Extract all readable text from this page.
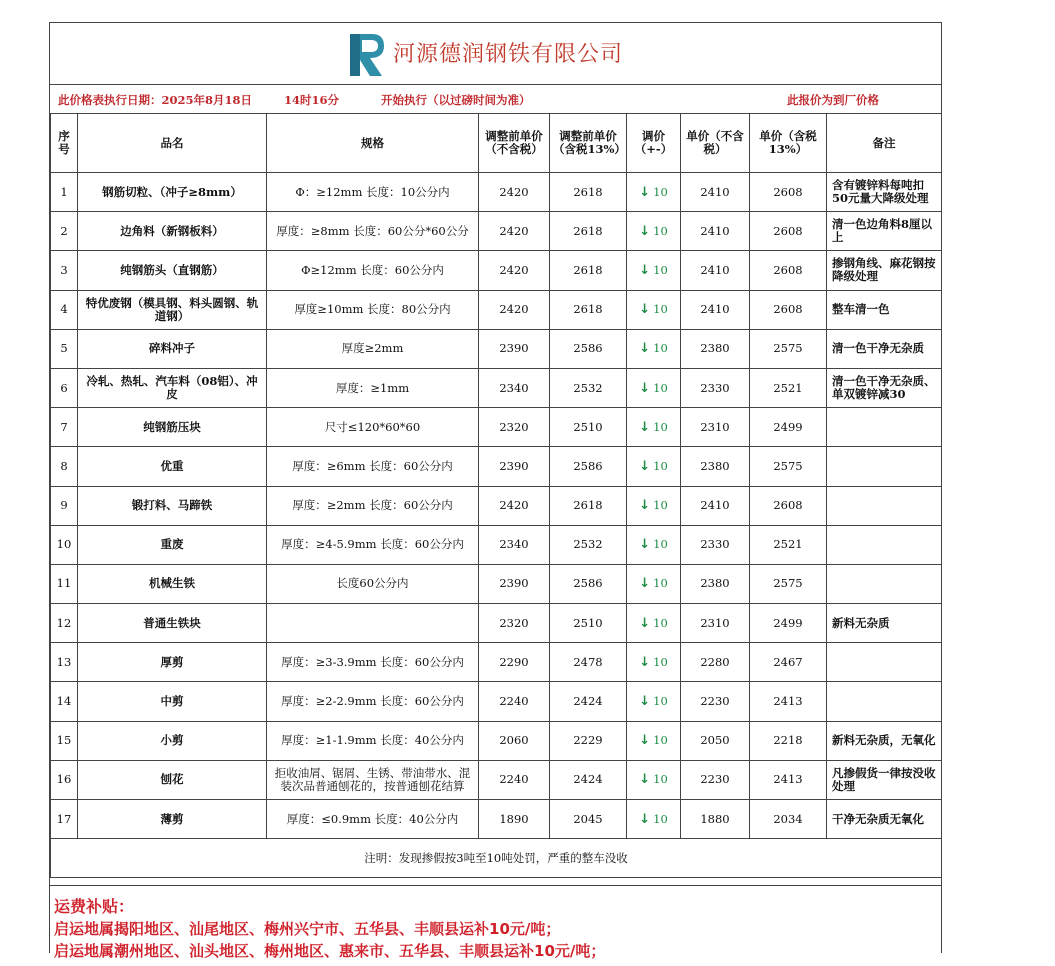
河源德润钢铁有限公司
此价格表执行日期：2025年8月18日	14时16分	开始执行（以过磅时间为准）	此报价为到厂价格
序号	品名	规格	调整前单价（不含税）	调整前单价（含税13%）	调价（+-）	单价（不含税）	单价（含税13%）	备注
1	钢筋切粒、（冲子≥8mm）	Φ：≥12mm 长度：10公分内	2420	2618	↓ 10	2410	2608	含有镀锌料每吨扣50元量大降级处理
2	边角料（新钢板料）	厚度：≥8mm 长度：60公分*60公分	2420	2618	↓ 10	2410	2608	清一色边角料8厘以上
3	纯钢筋头（直钢筋）	Φ≥12mm 长度：60公分内	2420	2618	↓ 10	2410	2608	掺钢角线、麻花钢按降级处理
4	特优废钢（模具钢、料头圆钢、轨道钢）	厚度≥10mm 长度：80公分内	2420	2618	↓ 10	2410	2608	整车清一色
5	碎料冲子	厚度≥2mm	2390	2586	↓ 10	2380	2575	清一色干净无杂质
6	冷轧、热轧、汽车料（08铝）、冲皮	厚度：≥1mm	2340	2532	↓ 10	2330	2521	清一色干净无杂质、单双镀锌减30
7	纯钢筋压块	尺寸≤120*60*60	2320	2510	↓ 10	2310	2499	
8	优重	厚度：≥6mm 长度：60公分内	2390	2586	↓ 10	2380	2575	
9	锻打料、马蹄铁	厚度：≥2mm 长度：60公分内	2420	2618	↓ 10	2410	2608	
10	重废	厚度：≥4-5.9mm 长度：60公分内	2340	2532	↓ 10	2330	2521	
11	机械生铁	长度60公分内	2390	2586	↓ 10	2380	2575	
12	普通生铁块		2320	2510	↓ 10	2310	2499	新料无杂质
13	厚剪	厚度：≥3-3.9mm 长度：60公分内	2290	2478	↓ 10	2280	2467	
14	中剪	厚度：≥2-2.9mm 长度：60公分内	2240	2424	↓ 10	2230	2413	
15	小剪	厚度：≥1-1.9mm 长度：40公分内	2060	2229	↓ 10	2050	2218	新料无杂质，无氧化
16	刨花	拒收油屑、锯屑、生锈、带油带水、混装次品普通刨花的，按普通刨花结算	2240	2424	↓ 10	2230	2413	凡掺假货一律按没收处理
17	薄剪	厚度：≤0.9mm 长度：40公分内	1890	2045	↓ 10	1880	2034	干净无杂质无氧化
注明：发现掺假按3吨至10吨处罚，严重的整车没收								
运费补贴：
启运地属揭阳地区、汕尾地区、梅州兴宁市、五华县、丰顺县运补10元/吨；
启运地属潮州地区、汕头地区、梅州地区、惠来市、五华县、丰顺县运补10元/吨；
